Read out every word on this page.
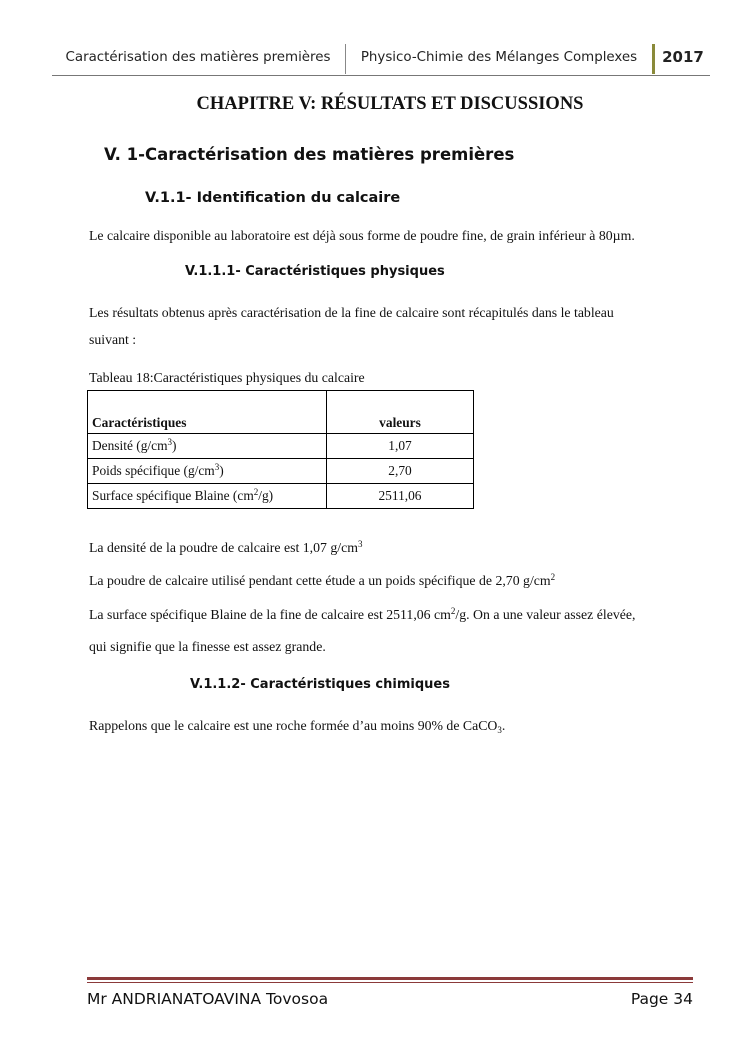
Caractérisation des matières premières	Physico-Chimie des Mélanges Complexes	2017
CHAPITRE V: RÉSULTATS ET DISCUSSIONS
V. 1-Caractérisation des matières premières
V.1.1- Identification du calcaire
Le calcaire disponible au laboratoire est déjà sous forme de poudre fine, de grain inférieur à 80µm.
V.1.1.1- Caractéristiques physiques
Les résultats obtenus après caractérisation de la fine de calcaire sont récapitulés dans le tableau
suivant :
Tableau 18:Caractéristiques physiques du calcaire
Caractéristiques	valeurs
Densité $(g/cm^3)$	1,07
Poids spécifique $(g/cm^3)$	2,70
Surface spécifique Blaine $(cm^2/g)$	2511,06
La densité de la poudre de calcaire est 1,07 $g/cm^3$
La poudre de calcaire utilisé pendant cette étude a un poids spécifique de 2,70 $g/cm^2$
La surface spécifique Blaine de la fine de calcaire est 2511,06 $cm^2/g$. On a une valeur assez élevée,
qui signifie que la finesse est assez grande.
V.1.1.2- Caractéristiques chimiques
Rappelons que le calcaire est une roche formée d’au moins 90% de CaCO$_3$.
Mr ANDRIANATOAVINA Tovosoa	Page 34
